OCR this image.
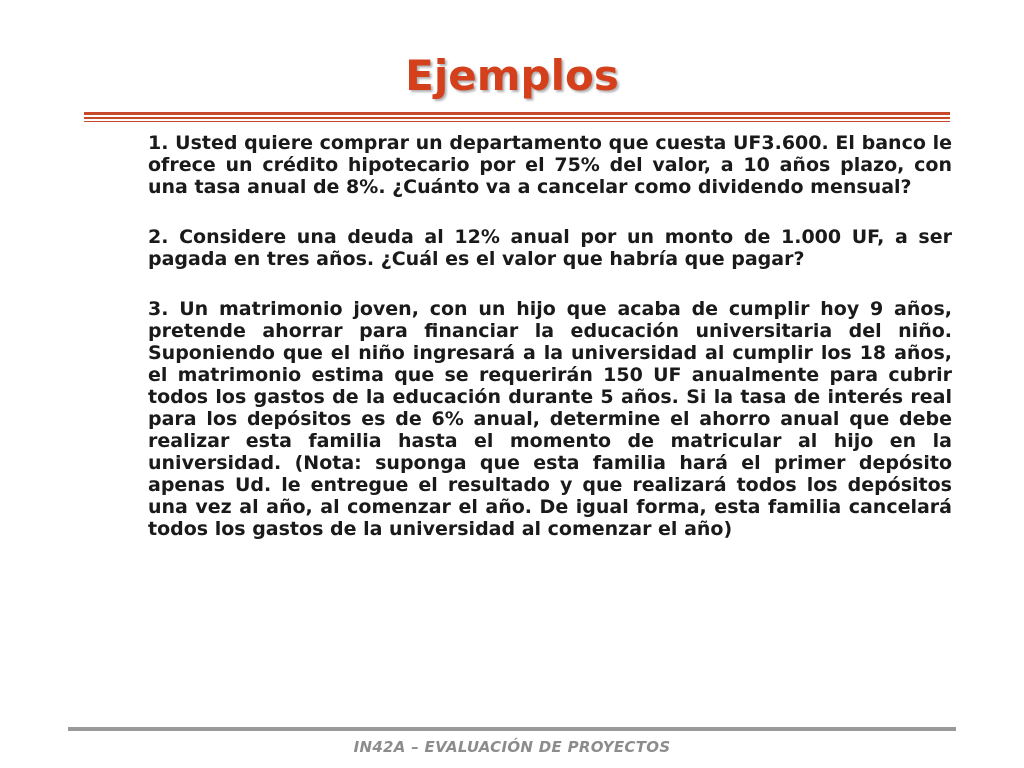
Ejemplos

1. Usted quiere comprar un departamento que cuesta UF3.600. El banco le ofrece un crédito hipotecario por el 75% del valor, a 10 años plazo, con una tasa anual de 8%. ¿Cuánto va a cancelar como dividendo mensual?

2. Considere una deuda al 12% anual por un monto de 1.000 UF, a ser pagada en tres años. ¿Cuál es el valor que habría que pagar?

3. Un matrimonio joven, con un hijo que acaba de cumplir hoy 9 años, pretende ahorrar para financiar la educación universitaria del niño. Suponiendo que el niño ingresará a la universidad al cumplir los 18 años, el matrimonio estima que se requerirán 150 UF anualmente para cubrir todos los gastos de la educación durante 5 años. Si la tasa de interés real para los depósitos es de 6% anual, determine el ahorro anual que debe realizar esta familia hasta el momento de matricular al hijo en la universidad. (Nota: suponga que esta familia hará el primer depósito apenas Ud. le entregue el resultado y que realizará todos los depósitos una vez al año, al comenzar el año. De igual forma, esta familia cancelará todos los gastos de la universidad al comenzar el año)

IN42A – EVALUACIÓN DE PROYECTOS
